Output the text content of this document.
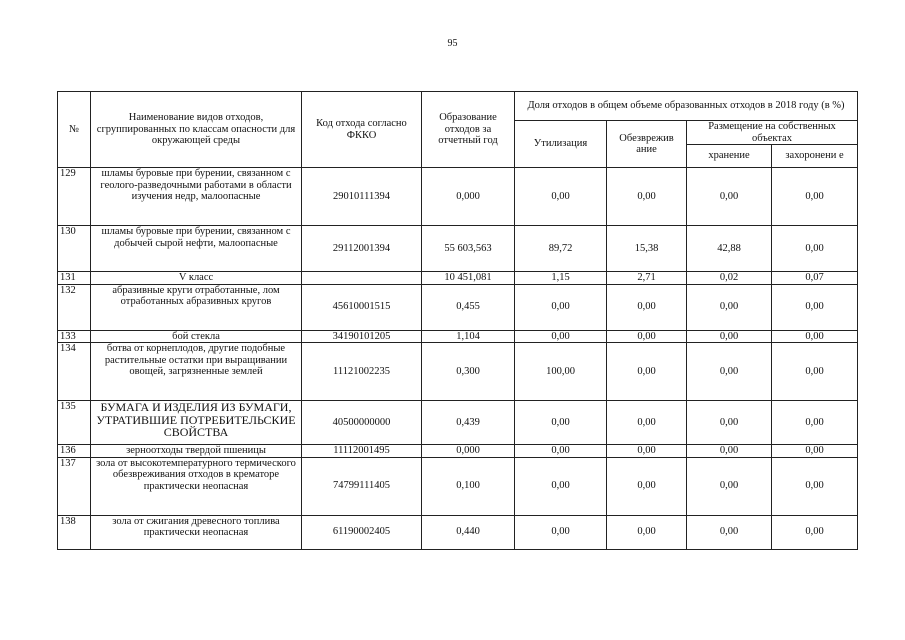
95
№	Наименование видов отходов, сгруппированных по классам опасности для окружающей среды	Код отхода согласно ФККО	Образование отходов за отчетный год	Доля отходов в общем объеме образованных отходов в 2018 году (в %)			
				Утилизация	Обезврежив ание	Размещение на собственных объектах	
						хранение	захоронени е
129	шламы буровые при бурении, связанном с геолого-разведочными работами в области изучения недр, малоопасные	29010111394	0,000	0,00	0,00	0,00	0,00
130	шламы буровые при бурении, связанном с добычей сырой нефти, малоопасные	29112001394	55 603,563	89,72	15,38	42,88	0,00
131	V класс		10 451,081	1,15	2,71	0,02	0,07
132	абразивные круги отработанные, лом отработанных абразивных кругов	45610001515	0,455	0,00	0,00	0,00	0,00
133	бой стекла	34190101205	1,104	0,00	0,00	0,00	0,00
134	ботва от корнеплодов, другие подобные растительные остатки при выращивании овощей, загрязненные землей	11121002235	0,300	100,00	0,00	0,00	0,00
135	БУМАГА И ИЗДЕЛИЯ ИЗ БУМАГИ, УТРАТИВШИЕ ПОТРЕБИТЕЛЬСКИЕ СВОЙСТВА	40500000000	0,439	0,00	0,00	0,00	0,00
136	зерноотходы твердой пшеницы	11112001495	0,000	0,00	0,00	0,00	0,00
137	зола от высокотемпературного термического обезвреживания отходов в крематоре практически неопасная	74799111405	0,100	0,00	0,00	0,00	0,00
138	зола от сжигания древесного топлива практически неопасная	61190002405	0,440	0,00	0,00	0,00	0,00
